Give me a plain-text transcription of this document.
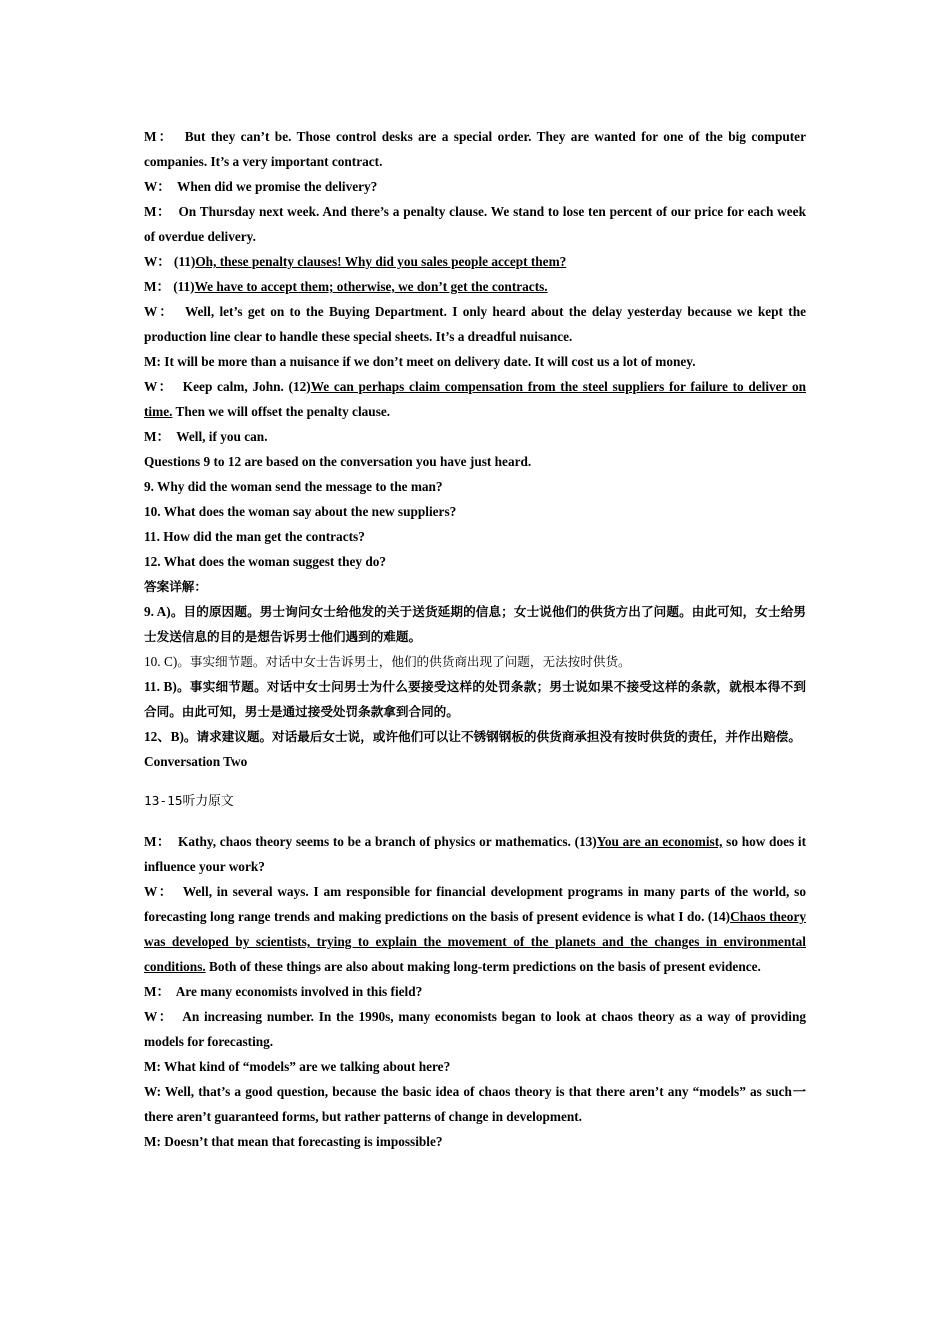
M： But they can’t be. Those control desks are a special order. They are wanted for one of the big computer companies. It’s a very important contract.

W： When did we promise the delivery?

M： On Thursday next week. And there’s a penalty clause. We stand to lose ten percent of our price for each week of overdue delivery.

W： (11)Oh, these penalty clauses! Why did you sales people accept them?

M： (11)We have to accept them; otherwise, we don’t get the contracts.

W： Well, let’s get on to the Buying Department. I only heard about the delay yesterday because we kept the production line clear to handle these special sheets. It’s a dreadful nuisance.

M: It will be more than a nuisance if we don’t meet on delivery date. It will cost us a lot of money.

W： Keep calm, John. (12)We can perhaps claim compensation from the steel suppliers for failure to deliver on time. Then we will offset the penalty clause.

M： Well, if you can.

Questions 9 to 12 are based on the conversation you have just heard.

9. Why did the woman send the message to the man?

10. What does the woman say about the new suppliers?

11. How did the man get the contracts?

12. What does the woman suggest they do?

答案详解：

9. A)。目的原因题。男士询问女士给他发的关于送货延期的信息；女士说他们的供货方出了问题。由此可知，女士给男士发送信息的目的是想告诉男士他们遇到的难题。

10. C)。事实细节题。对话中女士告诉男士，他们的供货商出现了问题，无法按时供货。

11. B)。事实细节题。对话中女士问男士为什么要接受这样的处罚条款；男士说如果不接受这样的条款，就根本得不到合同。由此可知，男士是通过接受处罚条款拿到合同的。

12、B)。请求建议题。对话最后女士说，或许他们可以让不锈钢钢板的供货商承担没有按时供货的责任，并作出赔偿。

Conversation Two

13-15听力原文

M： Kathy, chaos theory seems to be a branch of physics or mathematics. (13)You are an economist, so how does it influence your work?

W： Well, in several ways. I am responsible for financial development programs in many parts of the world, so forecasting long range trends and making predictions on the basis of present evidence is what I do. (14)Chaos theory was developed by scientists, trying to explain the movement of the planets and the changes in environmental conditions. Both of these things are also about making long-term predictions on the basis of present evidence.

M： Are many economists involved in this field?

W： An increasing number. In the 1990s, many economists began to look at chaos theory as a way of providing models for forecasting.

M: What kind of “models” are we talking about here?

W: Well, that’s a good question, because the basic idea of chaos theory is that there aren’t any “models” as such一 there aren’t guaranteed forms, but rather patterns of change in development.

M: Doesn’t that mean that forecasting is impossible?
